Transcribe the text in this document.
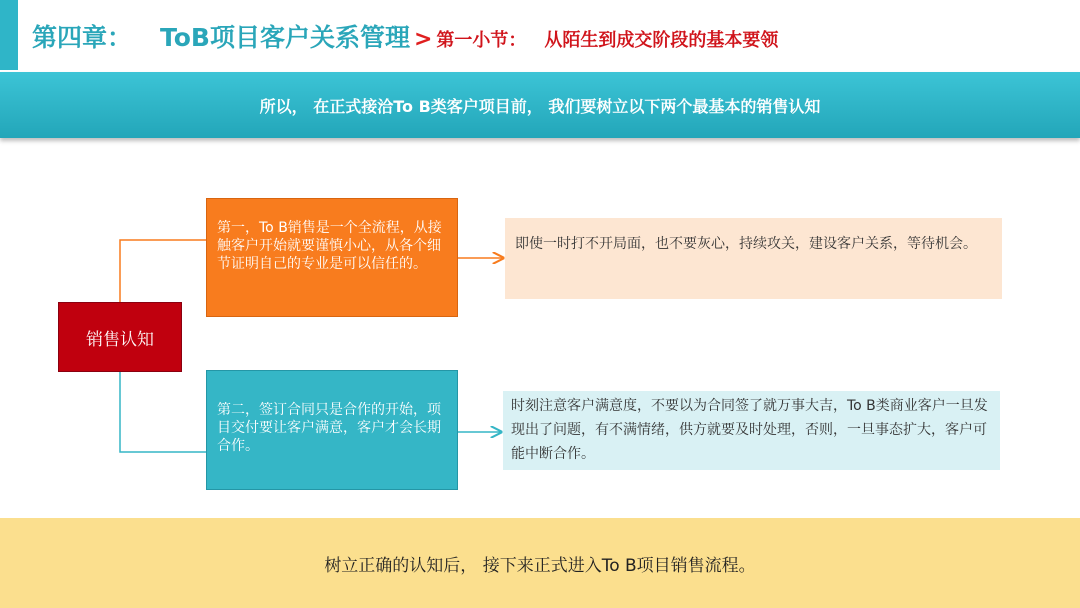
第四章： ToB项目客户关系管理 > 第一小节： 从陌生到成交阶段的基本要领
所以， 在正式接洽To B类客户项目前， 我们要树立以下两个最基本的销售认知
销售认知
第一，To B销售是一个全流程，从接触客户开始就要谨慎小心，从各个细节证明自己的专业是可以信任的。
第二，签订合同只是合作的开始，项目交付要让客户满意，客户才会长期合作。
即使一时打不开局面，也不要灰心，持续攻关，建设客户关系，等待机会。
时刻注意客户满意度，不要以为合同签了就万事大吉，To B类商业客户一旦发现出了问题，有不满情绪，供方就要及时处理，否则，一旦事态扩大，客户可能中断合作。
树立正确的认知后， 接下来正式进入To B项目销售流程。
